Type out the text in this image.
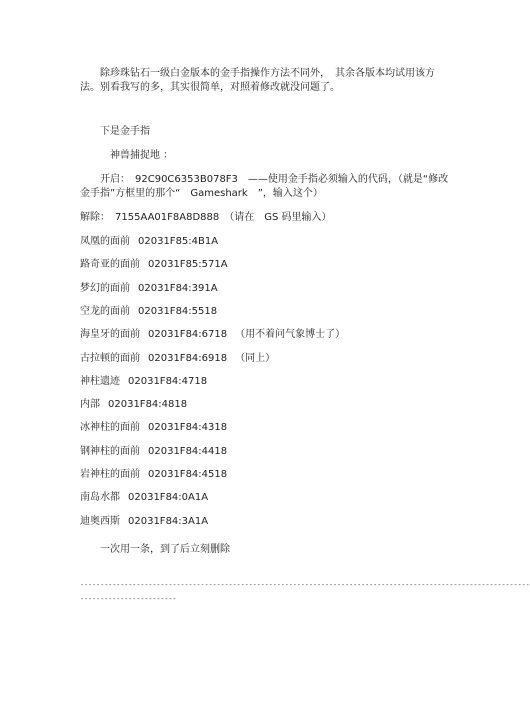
除珍珠钻石一级白金版本的金手指操作方法不同外，　其余各版本均试用该方

法。别看我写的多，其实很简单，对照着修改就没问题了。

下是金手指

神兽捕捉地 ：

开启：　92C90C6353B078F3　——使用金手指必须输入的代码，（就是“修改

金手指”方框里的那个“　Gameshark　”，输入这个）

解除：　7155AA01F8A8D888　（请在　GS 码里输入）

凤凰的面前 02031F85:4B1A

路奇亚的面前 02031F85:571A

梦幻的面前 02031F84:391A

空龙的面前 02031F84:5518

海皇牙的面前 02031F84:6718 （用不着问气象博士了）

古拉顿的面前 02031F84:6918 （同上）

神柱遗迹 02031F84:4718

内部 02031F84:4818

冰神柱的面前 02031F84:4318

钢神柱的面前 02031F84:4418

岩神柱的面前 02031F84:4518

南岛水都 02031F84:0A1A

迪奥西斯 02031F84:3A1A

一次用一条，到了后立刻删除

----------------------------------------------------------------------------------------------------------------
------------------------
